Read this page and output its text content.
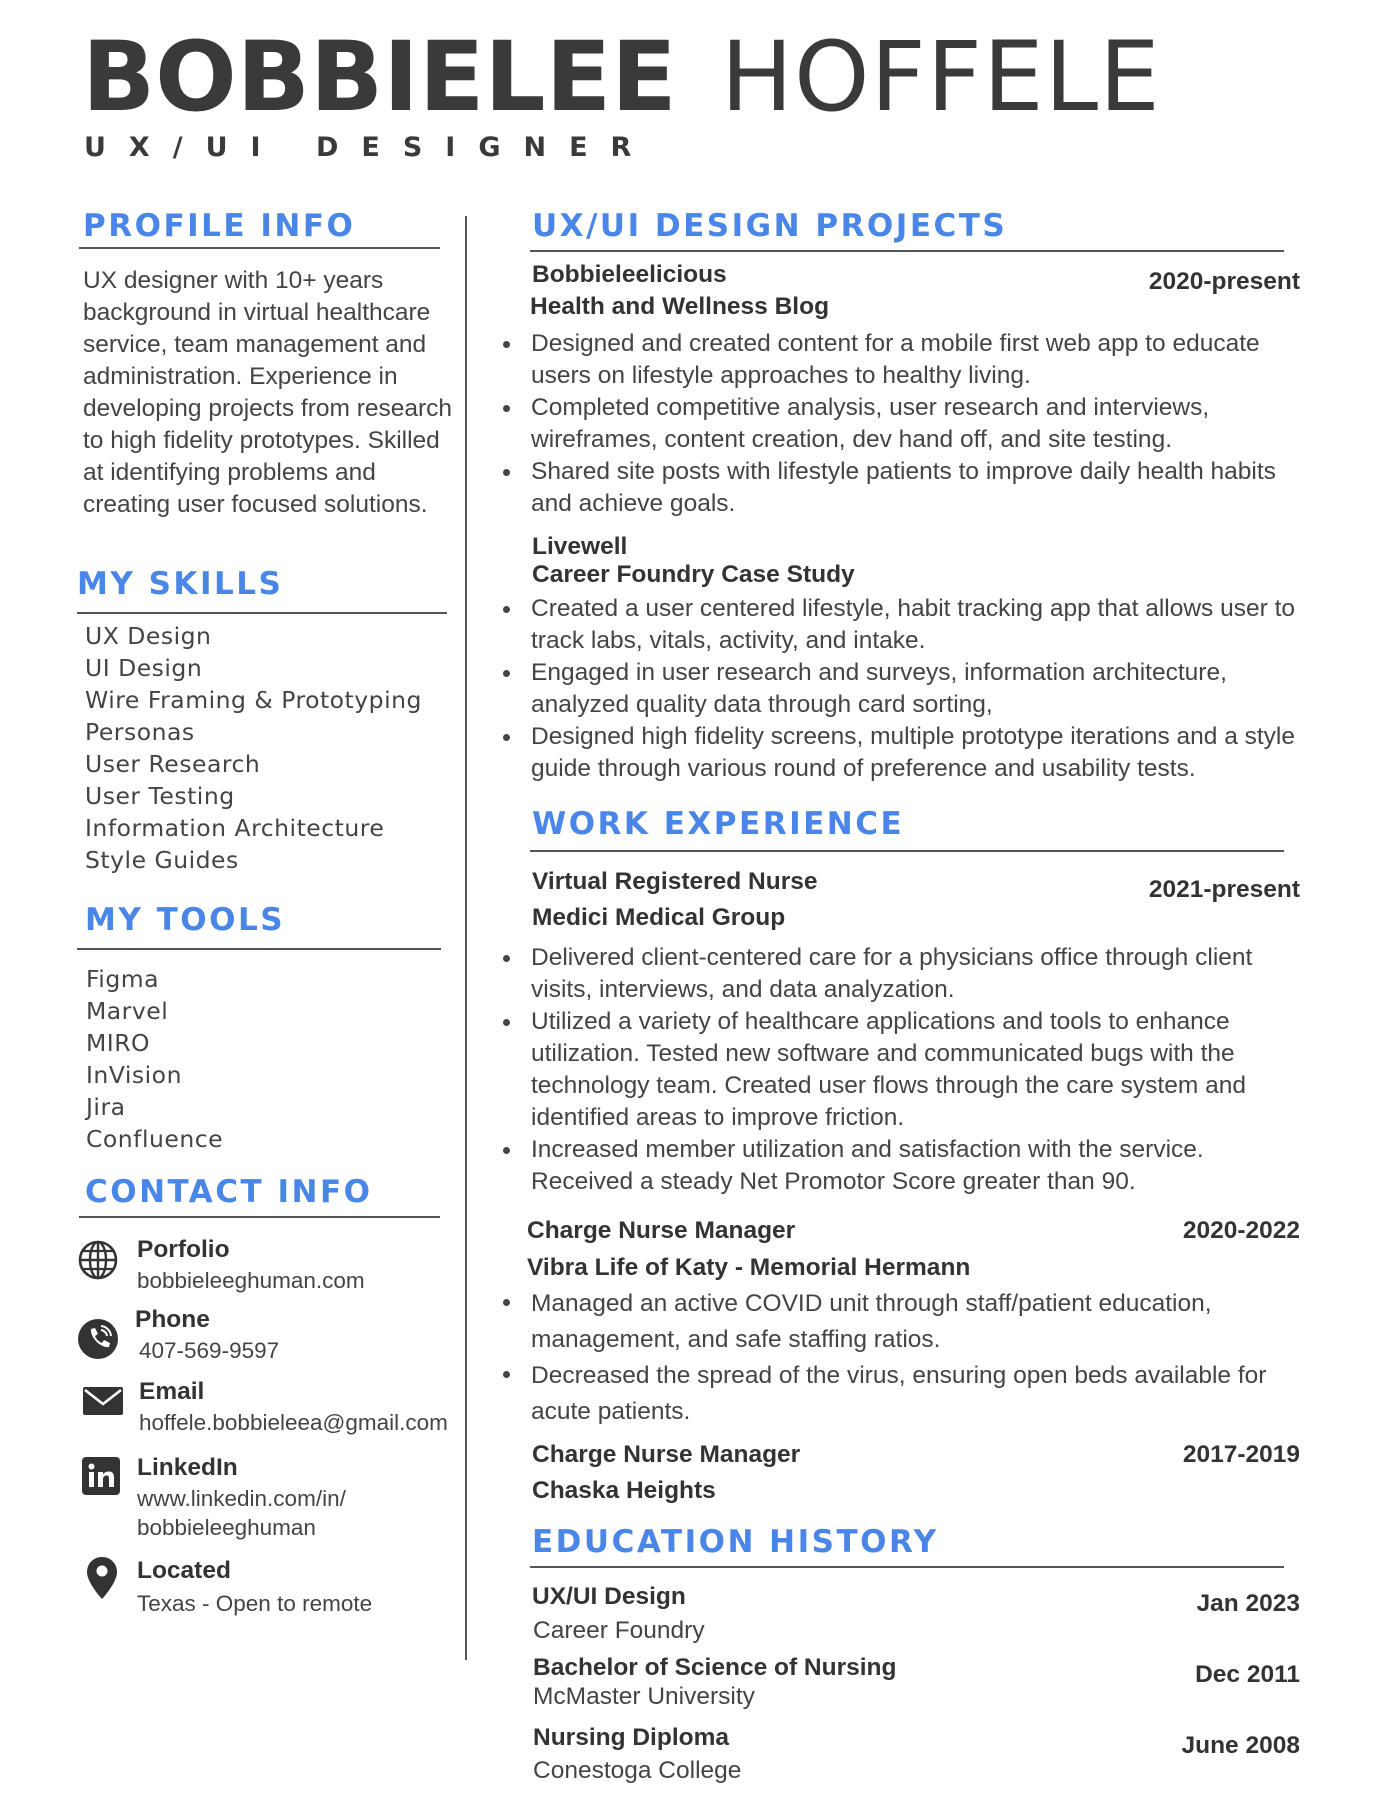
BOBBIELEE HOFFELE
UX/UI DESIGNER
PROFILE INFO
UX designer with 10+ years background in virtual healthcare service, team management and administration. Experience in developing projects from research to high fidelity prototypes. Skilled at identifying problems and creating user focused solutions.
MY SKILLS
UX Design
UI Design
Wire Framing & Prototyping
Personas
User Research
User Testing
Information Architecture
Style Guides
MY TOOLS
Figma
Marvel
MIRO
InVision
Jira
Confluence
CONTACT INFO
Porfolio
bobbieleeghuman.com
Phone
407-569-9597
Email
hoffele.bobbieleea@gmail.com
LinkedIn
www.linkedin.com/in/
bobbieleeghuman
Located
Texas - Open to remote
UX/UI DESIGN PROJECTS
Bobbieleelicious	2020-present
Health and Wellness Blog
Designed and created content for a mobile first web app to educate users on lifestyle approaches to healthy living.
Completed competitive analysis, user research and interviews, wireframes, content creation, dev hand off, and site testing.
Shared site posts with lifestyle patients to improve daily health habits and achieve goals.
Livewell
Career Foundry Case Study
Created a user centered lifestyle, habit tracking app that allows user to track labs, vitals, activity, and intake.
Engaged in user research and surveys, information architecture, analyzed quality data through card sorting,
Designed high fidelity screens, multiple prototype iterations and a style guide through various round of preference and usability tests.
WORK EXPERIENCE
Virtual Registered Nurse	2021-present
Medici Medical Group
Delivered client-centered care for a physicians office through client visits, interviews, and data analyzation.
Utilized a variety of healthcare applications and tools to enhance utilization. Tested new software and communicated bugs with the technology team. Created user flows through the care system and identified areas to improve friction.
Increased member utilization and satisfaction with the service. Received a steady Net Promotor Score greater than 90.
Charge Nurse Manager	2020-2022
Vibra Life of Katy - Memorial Hermann
Managed an active COVID unit through staff/patient education, management, and safe staffing ratios.
Decreased the spread of the virus, ensuring open beds available for acute patients.
Charge Nurse Manager	2017-2019
Chaska Heights
EDUCATION HISTORY
UX/UI Design	Jan 2023
Career Foundry
Bachelor of Science of Nursing	Dec 2011
McMaster University
Nursing Diploma	June 2008
Conestoga College
